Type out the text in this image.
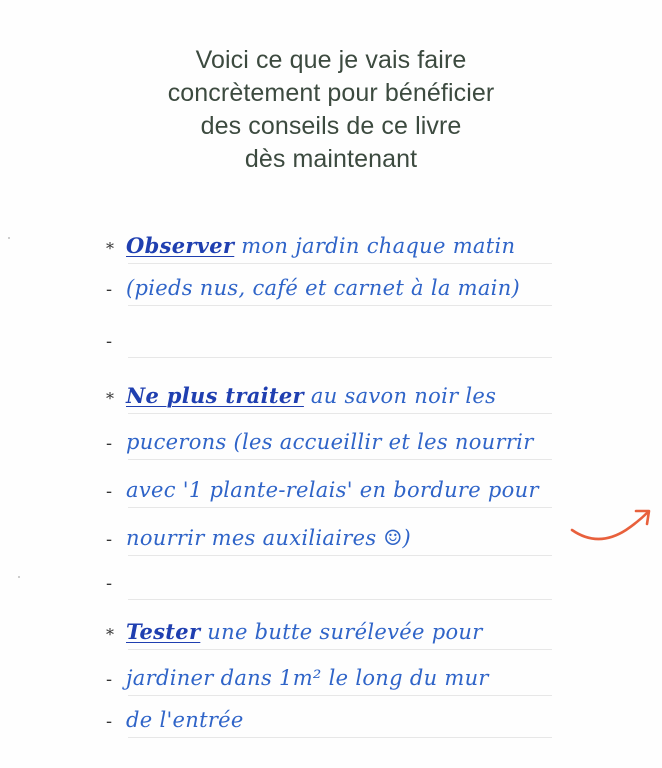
Voici ce que je vais faire
concrètement pour bénéficier
des conseils de ce livre
dès maintenant
* Observer mon jardin chaque matin
- (pieds nus, café et carnet à la main)
-
* Ne plus traiter au savon noir les
- pucerons (les accueillir et les nourrir
- avec '1 plante-relais' en bordure pour
- nourrir mes auxiliaires ☺)
-
* Tester une butte surélevée pour
- jardiner dans 1m² le long du mur
- de l'entrée
